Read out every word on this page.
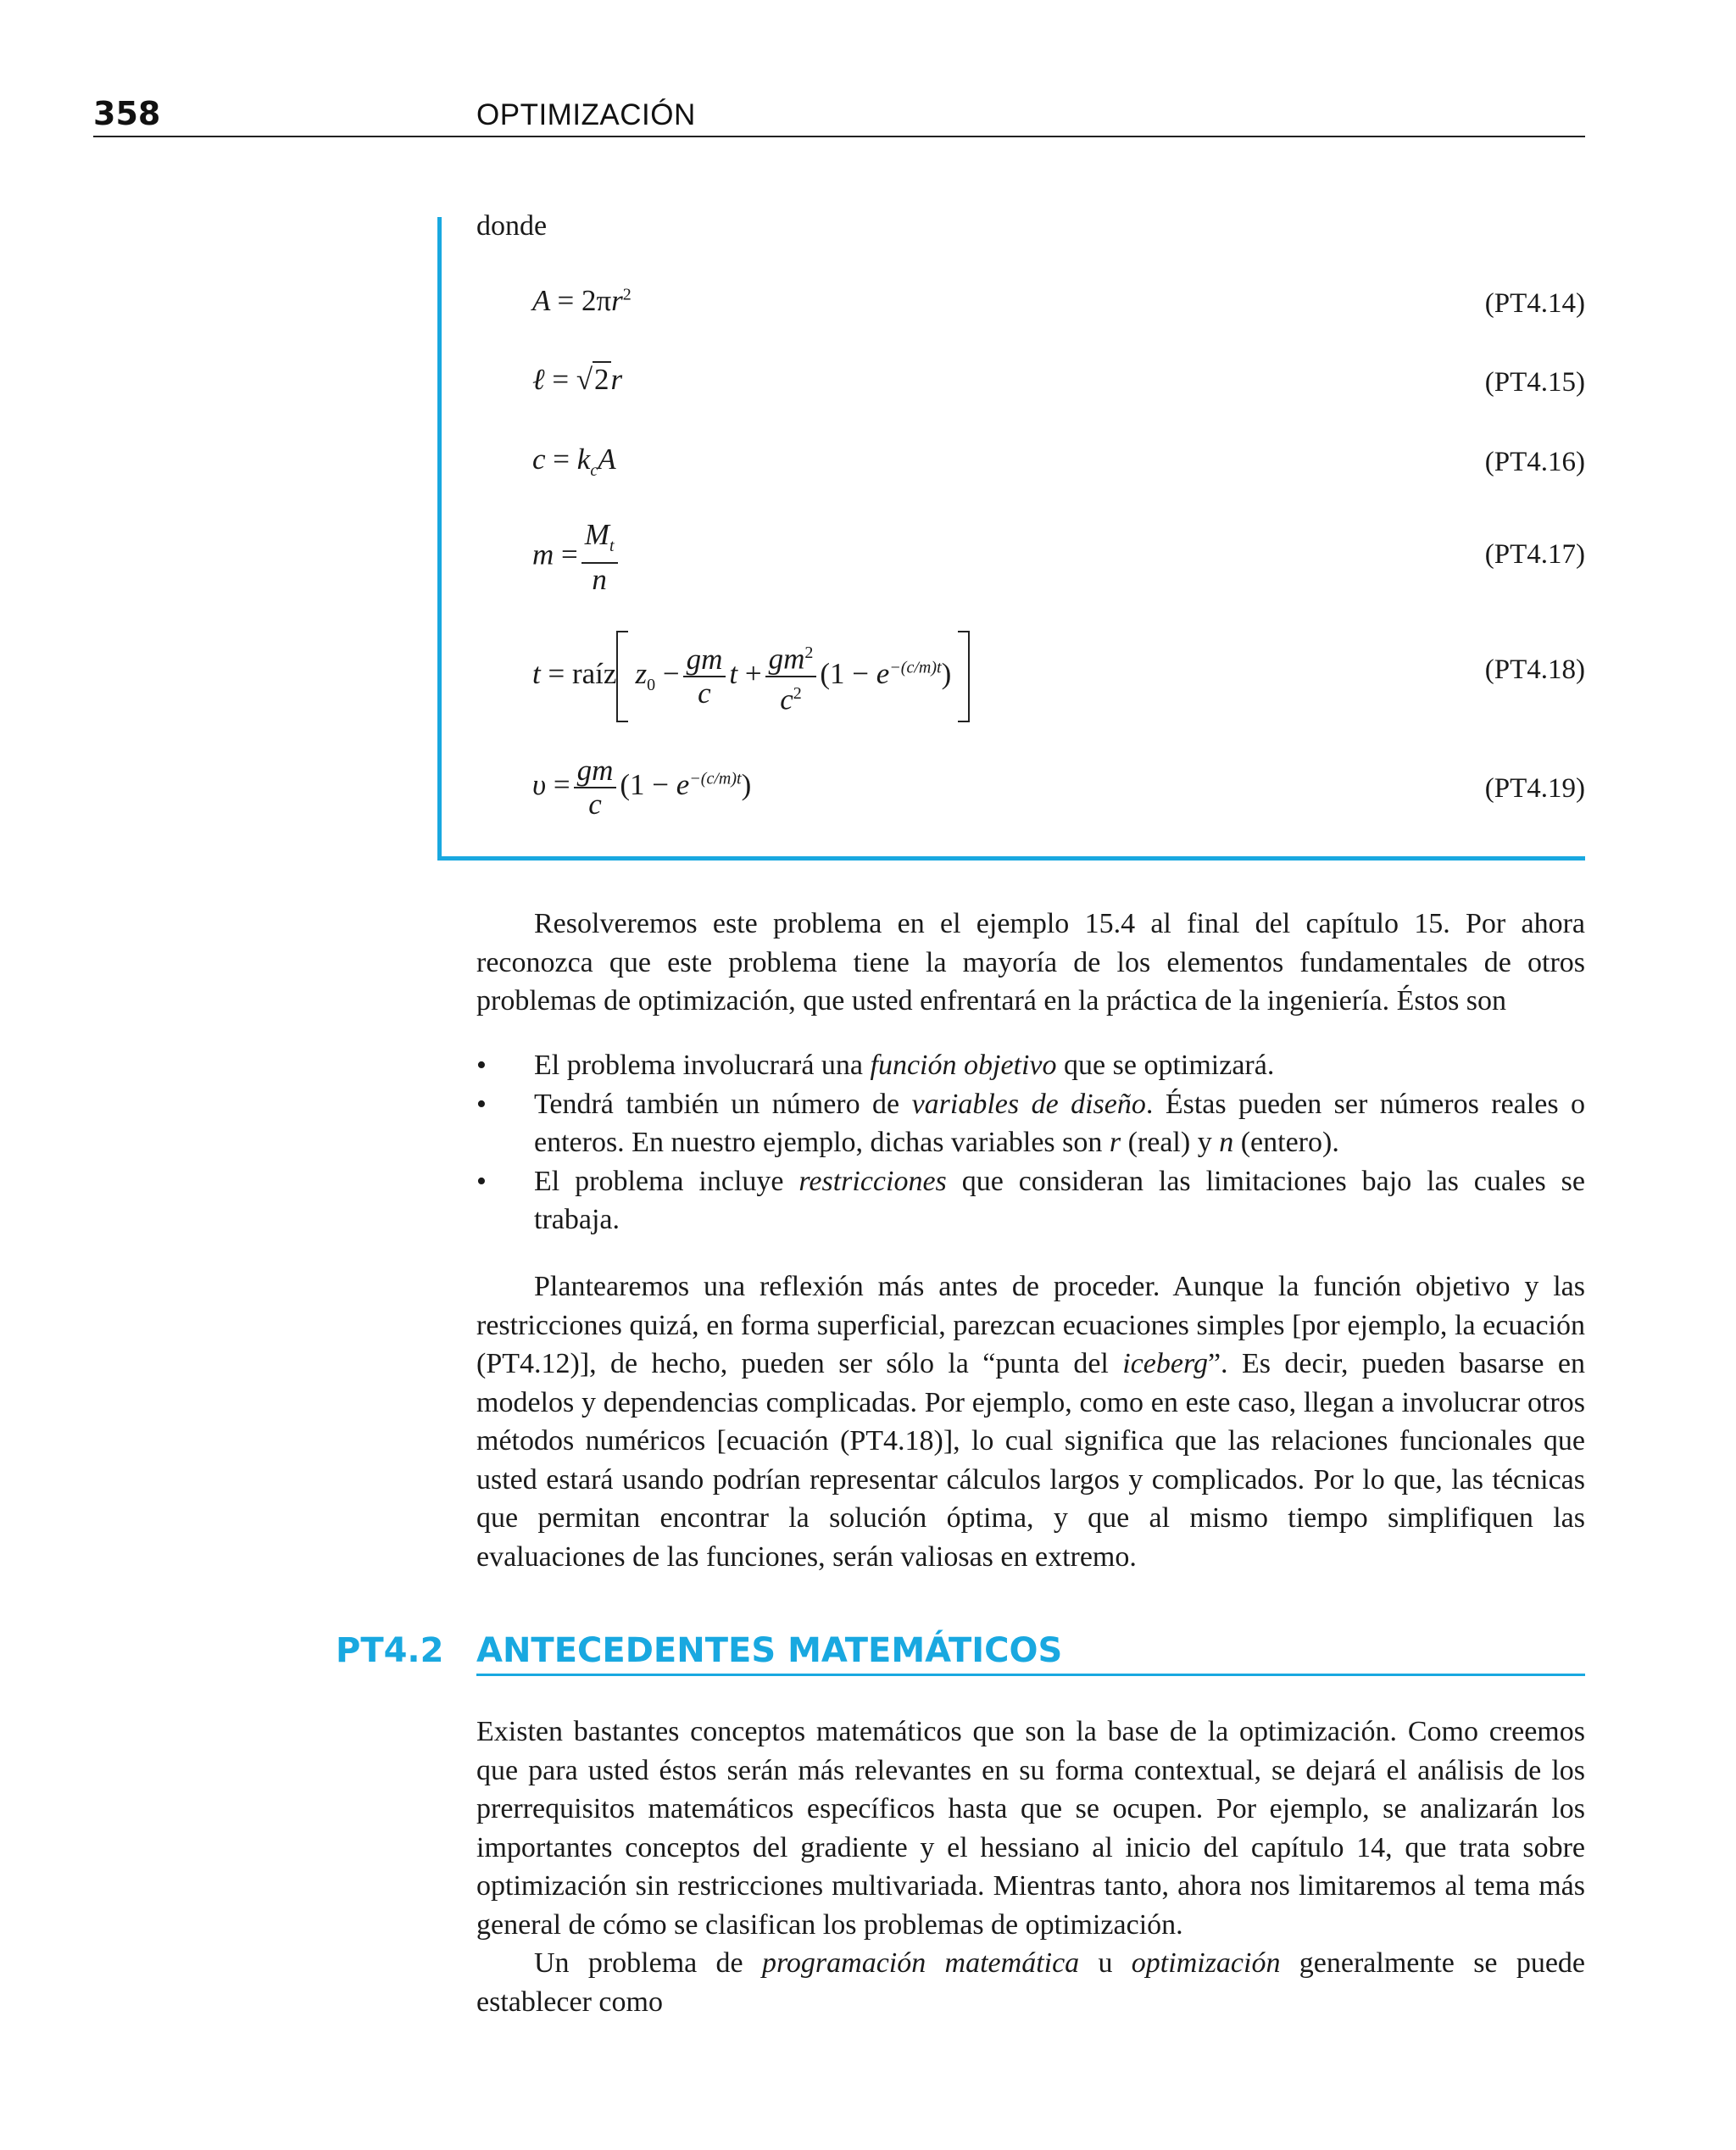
358	OPTIMIZACIÓN
donde
$A = 2\pi r^2$	(PT4.14)
ℓ = √2r	(PT4.15)
$c = k_cA$	(PT4.16)
$m = \frac{M_t}{n}$	(PT4.17)
t = raíz $z_0 - \frac{gm}{c}$ $t + \frac{gm^2}{c^2} (1 - e^{-(c/m)t})$	(PT4.18)
$\upsilon = \frac{gm}{c} (1 - e^{-(c/m)t})$	(PT4.19)
Resolveremos este problema en el ejemplo 15.4 al final del capítulo 15. Por ahora reconozca que este problema tiene la mayoría de los elementos fundamentales de otros problemas de optimización, que usted enfrentará en la práctica de la ingeniería. Éstos son
• El problema involucrará una función objetivo que se optimizará.
• Tendrá también un número de variables de diseño. Éstas pueden ser números reales o enteros. En nuestro ejemplo, dichas variables son r (real) y n (entero).
• El problema incluye restricciones que consideran las limitaciones bajo las cuales se trabaja.
Plantearemos una reflexión más antes de proceder. Aunque la función objetivo y las restricciones quizá, en forma superficial, parezcan ecuaciones simples [por ejemplo, la ecuación (PT4.12)], de hecho, pueden ser sólo la “punta del iceberg”. Es decir, pueden basarse en modelos y dependencias complicadas. Por ejemplo, como en este caso, llegan a involucrar otros métodos numéricos [ecuación (PT4.18)], lo cual significa que las relaciones funcionales que usted estará usando podrían representar cálculos largos y complicados. Por lo que, las técnicas que permitan encontrar la solución óptima, y que al mismo tiempo simplifiquen las evaluaciones de las funciones, serán valiosas en extremo.
PT4.2 ANTECEDENTES MATEMÁTICOS
Existen bastantes conceptos matemáticos que son la base de la optimización. Como creemos que para usted éstos serán más relevantes en su forma contextual, se dejará el análisis de los prerrequisitos matemáticos específicos hasta que se ocupen. Por ejemplo, se analizarán los importantes conceptos del gradiente y el hessiano al inicio del capítulo 14, que trata sobre optimización sin restricciones multivariada. Mientras tanto, ahora nos limitaremos al tema más general de cómo se clasifican los problemas de optimización.
Un problema de programación matemática u optimización generalmente se puede establecer como
